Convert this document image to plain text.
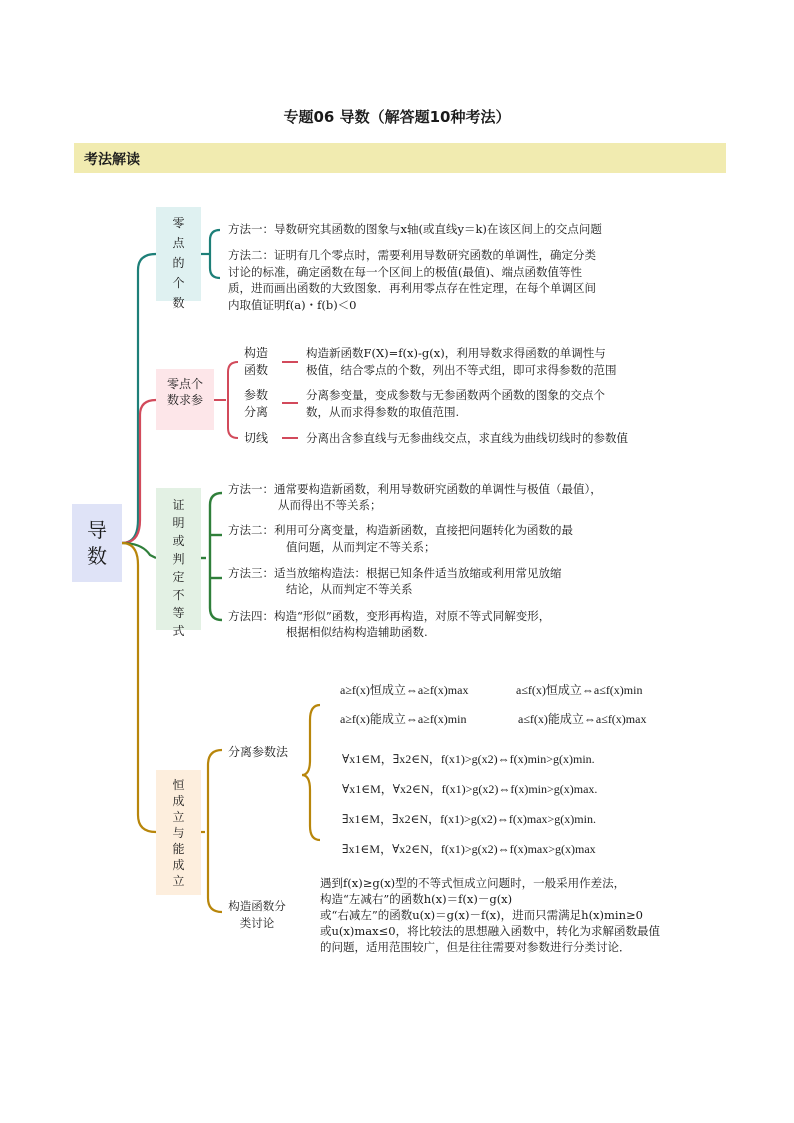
专题06 导数（解答题10种考法）
考法解读
导数
零点的个数
方法一：导数研究其函数的图象与x轴(或直线y＝k)在该区间上的交点问题
方法二：证明有几个零点时，需要利用导数研究函数的单调性，确定分类
讨论的标准，确定函数在每一个区间上的极值(最值)、端点函数值等性
质，进而画出函数的大致图象．再利用零点存在性定理，在每个单调区间
内取值证明f(a)・f(b)＜0
零点个数求参
构造函数
构造新函数F(X)=f(x)-g(x)，利用导数求得函数的单调性与
极值，结合零点的个数，列出不等式组，即可求得参数的范围
参数分离
分离参变量，变成参数与无参函数两个函数的图象的交点个
数，从而求得参数的取值范围.
切线	分离出含参直线与无参曲线交点，求直线为曲线切线时的参数值
证明或判定不等式
方法一：通常要构造新函数，利用导数研究函数的单调性与极值（最值），
从而得出不等关系；
方法二：利用可分离变量，构造新函数，直接把问题转化为函数的最
值问题，从而判定不等关系；
方法三：适当放缩构造法：根据已知条件适当放缩或利用常见放缩
结论，从而判定不等关系
方法四：构造“形似”函数，变形再构造，对原不等式同解变形，
根据相似结构构造辅助函数.
恒成立与能成立
分离参数法
a≥f(x)恒成立⇔a≥f(x)max	a≤f(x)恒成立⇔a≤f(x)min
a≥f(x)能成立⇔a≥f(x)min	a≤f(x)能成立⇔a≤f(x)max
∀x1∈M，∃x2∈N，f(x1)>g(x2)⇔f(x)min>g(x)min.
∀x1∈M，∀x2∈N，f(x1)>g(x2)⇔f(x)min>g(x)max.
∃x1∈M，∃x2∈N，f(x1)>g(x2)⇔f(x)max>g(x)min.
∃x1∈M，∀x2∈N，f(x1)>g(x2)⇔f(x)max>g(x)max
构造函数分类讨论
遇到f(x)≥g(x)型的不等式恒成立问题时，一般采用作差法，
构造“左减右”的函数h(x)＝f(x)－g(x)
或“右减左”的函数u(x)＝g(x)－f(x)，进而只需满足h(x)min≥0
或u(x)max≤0，将比较法的思想融入函数中，转化为求解函数最值
的问题，适用范围较广，但是往往需要对参数进行分类讨论．
